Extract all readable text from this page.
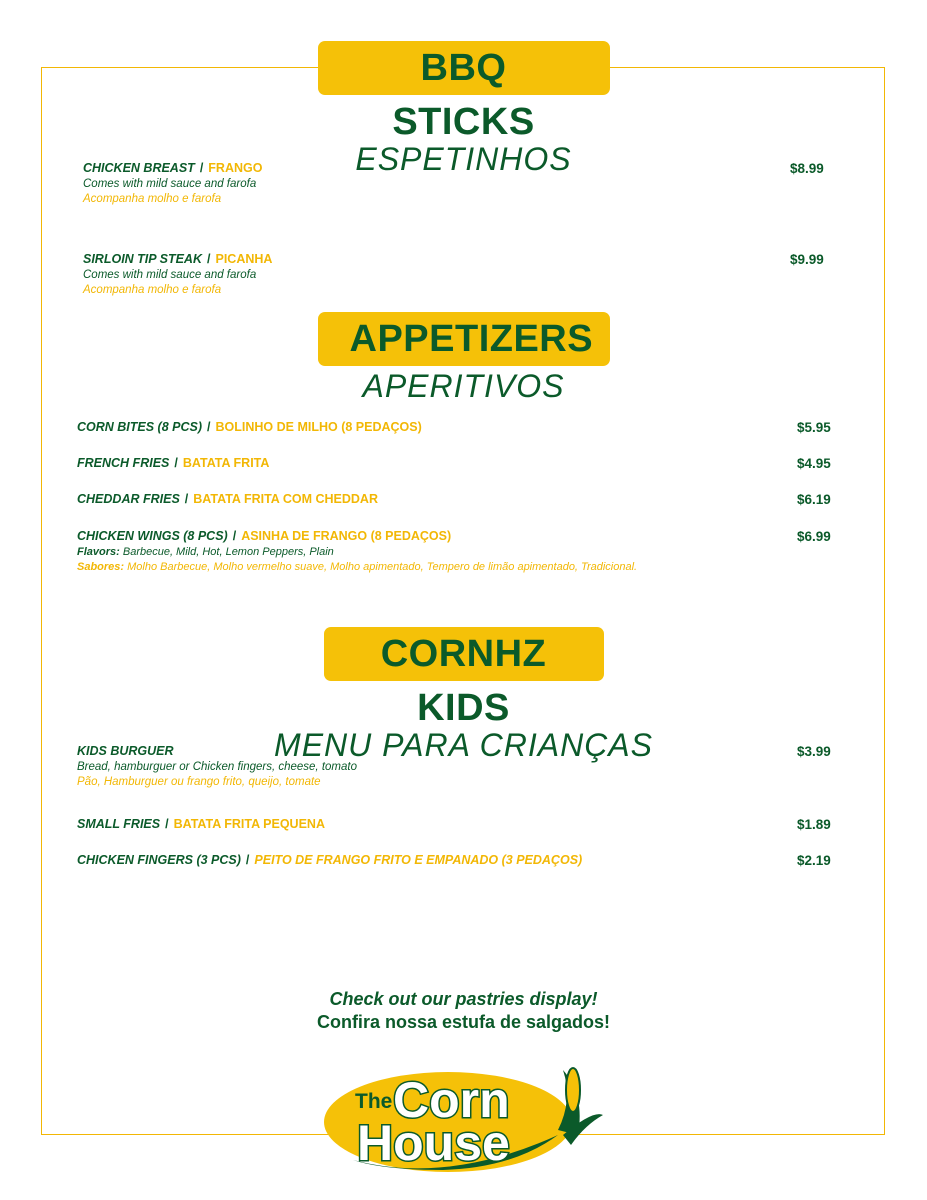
BBQ STICKS
ESPETINHOS
CHICKEN BREAST / FRANGO
Comes with mild sauce and farofa
Acompanha molho e farofa
$8.99
SIRLOIN TIP STEAK / PICANHA
Comes with mild sauce and farofa
Acompanha molho e farofa
$9.99
APPETIZERS
APERITIVOS
CORN BITES (8 PCS) / BOLINHO DE MILHO (8 PEDAÇOS)	$5.95
FRENCH FRIES / BATATA FRITA	$4.95
CHEDDAR FRIES / BATATA FRITA COM CHEDDAR	$6.19
CHICKEN WINGS (8 PCS) / ASINHA DE FRANGO (8 PEDAÇOS)
Flavors: Barbecue, Mild, Hot, Lemon Peppers, Plain
Sabores: Molho Barbecue, Molho vermelho suave, Molho apimentado, Tempero de limão apimentado, Tradicional.
$6.99
CORNHZ KIDS
MENU PARA CRIANÇAS
KIDS BURGUER
Bread, hamburguer or Chicken fingers, cheese, tomato
Pão, Hamburguer ou frango frito, queijo, tomate
$3.99
SMALL FRIES / BATATA FRITA PEQUENA	$1.89
CHICKEN FINGERS (3 PCS) / PEITO DE FRANGO FRITO E EMPANADO (3 PEDAÇOS)	$2.19
Check out our pastries display!
Confira nossa estufa de salgados!
The Corn
House
